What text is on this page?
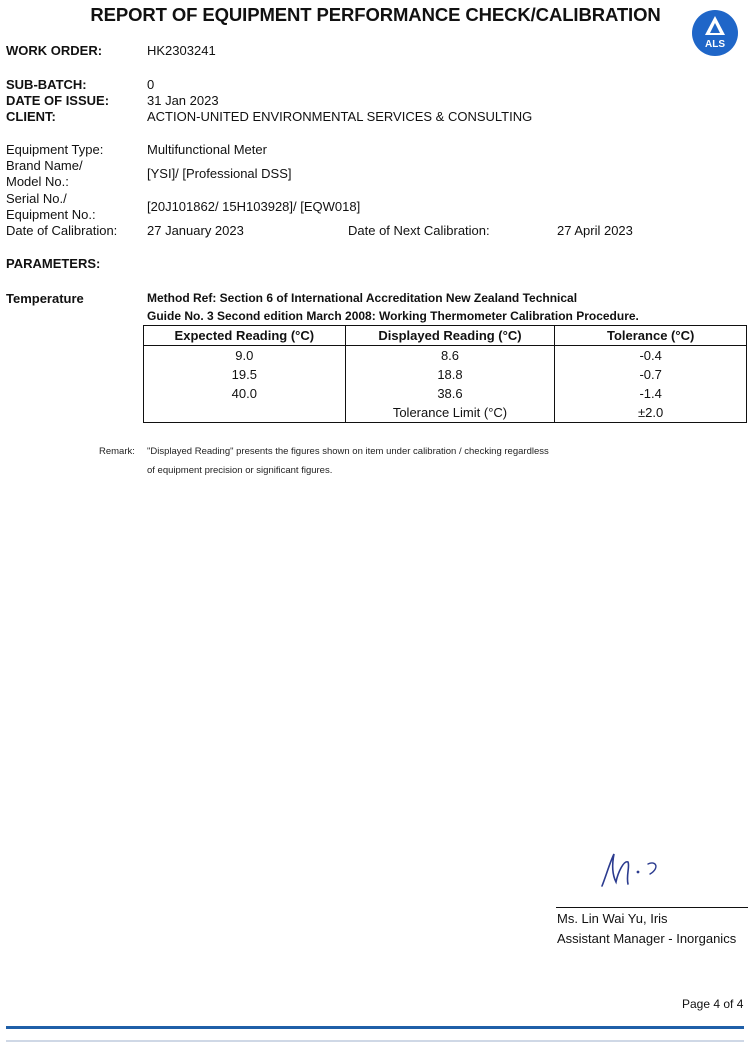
REPORT OF EQUIPMENT PERFORMANCE CHECK/CALIBRATION
ALS
WORK ORDER:	HK2303241
SUB-BATCH:	0
DATE OF ISSUE:	31 Jan 2023
CLIENT:	ACTION-UNITED ENVIRONMENTAL SERVICES & CONSULTING
Equipment Type:	Multifunctional Meter
Brand Name/
Model No.:
[YSI]/ [Professional DSS]
Serial No./
Equipment No.:
[20J101862/ 15H103928]/ [EQW018]
Date of Calibration: 27 January 2023	Date of Next Calibration:	27 April 2023
PARAMETERS:
Temperature	Method Ref: Section 6 of International Accreditation New Zealand Technical
Guide No. 3 Second edition March 2008: Working Thermometer Calibration Procedure.
Expected Reading (°C)	Displayed Reading (°C)	Tolerance (°C)
9.0	8.6	-0.4
19.5	18.8	-0.7
40.0	38.6	-1.4
	Tolerance Limit (°C)	±2.0
Remark: "Displayed Reading" presents the figures shown on item under calibration / checking regardless
of equipment precision or significant figures.
Ms. Lin Wai Yu, Iris
Assistant Manager - Inorganics
Page 4 of 4
